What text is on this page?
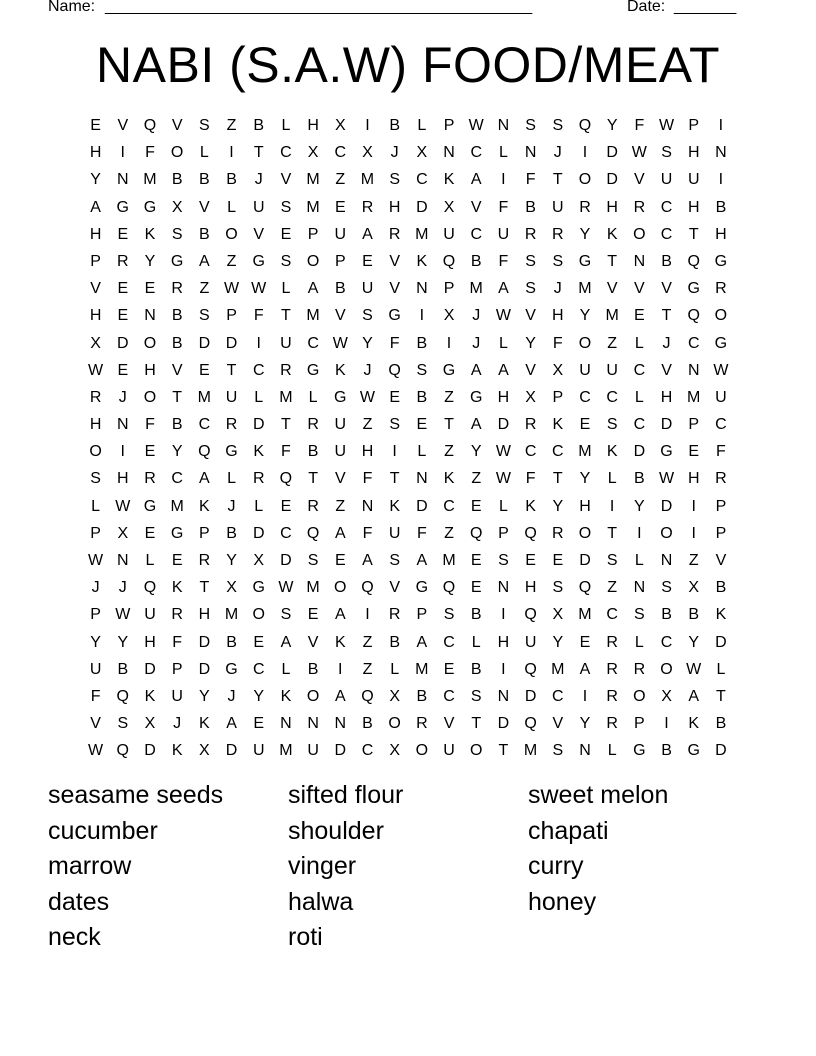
Name: ________________________________________________	Date: _______
NABI (S.A.W) FOOD/MEAT
E	V Q V	S	Z	B	L	H	X	I	B	L	P W N	S	S Q Y	F W P	I
H	I	F	O	L	I	T	C	X	C	X	J	X	N C	L	N	J	I	D W S	H N
Y	N M B	B	B	J	V M Z M S	C	K	A	I	F	T	O D	V	U U	I
A G G X	V	L	U	S M E	R H D	X	V	F	B	U R H R C H	B
H	E	K	S	B O V	E	P	U	A	R M U C U R R	Y	K O C	T	H
P	R	Y G A	Z	G S O P	E	V	K Q B	F	S	S G	T	N	B Q G
V	E	E	R	Z W W L	A	B	U	V	N	P M A	S	J	M V	V	V G R
H	E	N	B	S	P	F	T M V	S G	I	X	J W V	H	Y M E	T	Q O
X	D O B	D D	I	U C W Y	F	B	I	J	L	Y	F	O	Z	L	J	C G
W E	H	V	E	T	C R G K	J	Q S G A	A	V	X	U U C	V	N W
R	J	O	T M U	L	M	L	G W E	B	Z	G H	X	P	C C	L	H M U
H N	F	B	C R D	T	R U	Z	S	E	T	A	D R	K	E	S	C D	P	C
O	I	E	Y Q G K	F	B	U H	I	L	Z	Y W C C M K	D G E	F
S	H R C	A	L	R Q	T	V	F	T	N	K	Z W F	T	Y	L	B W H R
L W G M K	J	L	E	R	Z	N	K	D C	E	L	K	Y	H	I	Y	D	I	P
P	X	E G P	B	D C Q A	F	U	F	Z	Q P Q R O	T	I	O	I	P
W N	L	E	R	Y	X	D	S	E	A	S	A M E	S	E	E	D	S	L	N	Z	V
J	J	Q K	T	X G W M O Q V G Q E	N H	S Q	Z	N	S	X	B
P W U R H M O S	E	A	I	R	P	S	B	I	Q X M C	S	B	B	K
Y	Y	H	F	D	B	E	A	V	K	Z	B	A	C	L	H U	Y	E	R	L	C	Y	D
U	B	D	P	D G C	L	B	I	Z	L	M E	B	I	Q M A	R R O W L
F	Q K	U	Y	J	Y	K O A Q X	B	C	S	N D C	I	R O X	A	T
V	S	X	J	K	A	E	N N N	B O R	V	T	D Q V	Y	R	P	I	K	B
W Q D	K	X	D U M U D C	X O U O	T M S	N	L	G B G D
seasame seeds	sifted flour	sweet melon
cucumber	shoulder	chapati
marrow	vinger	curry
dates	halwa	honey
neck	roti
